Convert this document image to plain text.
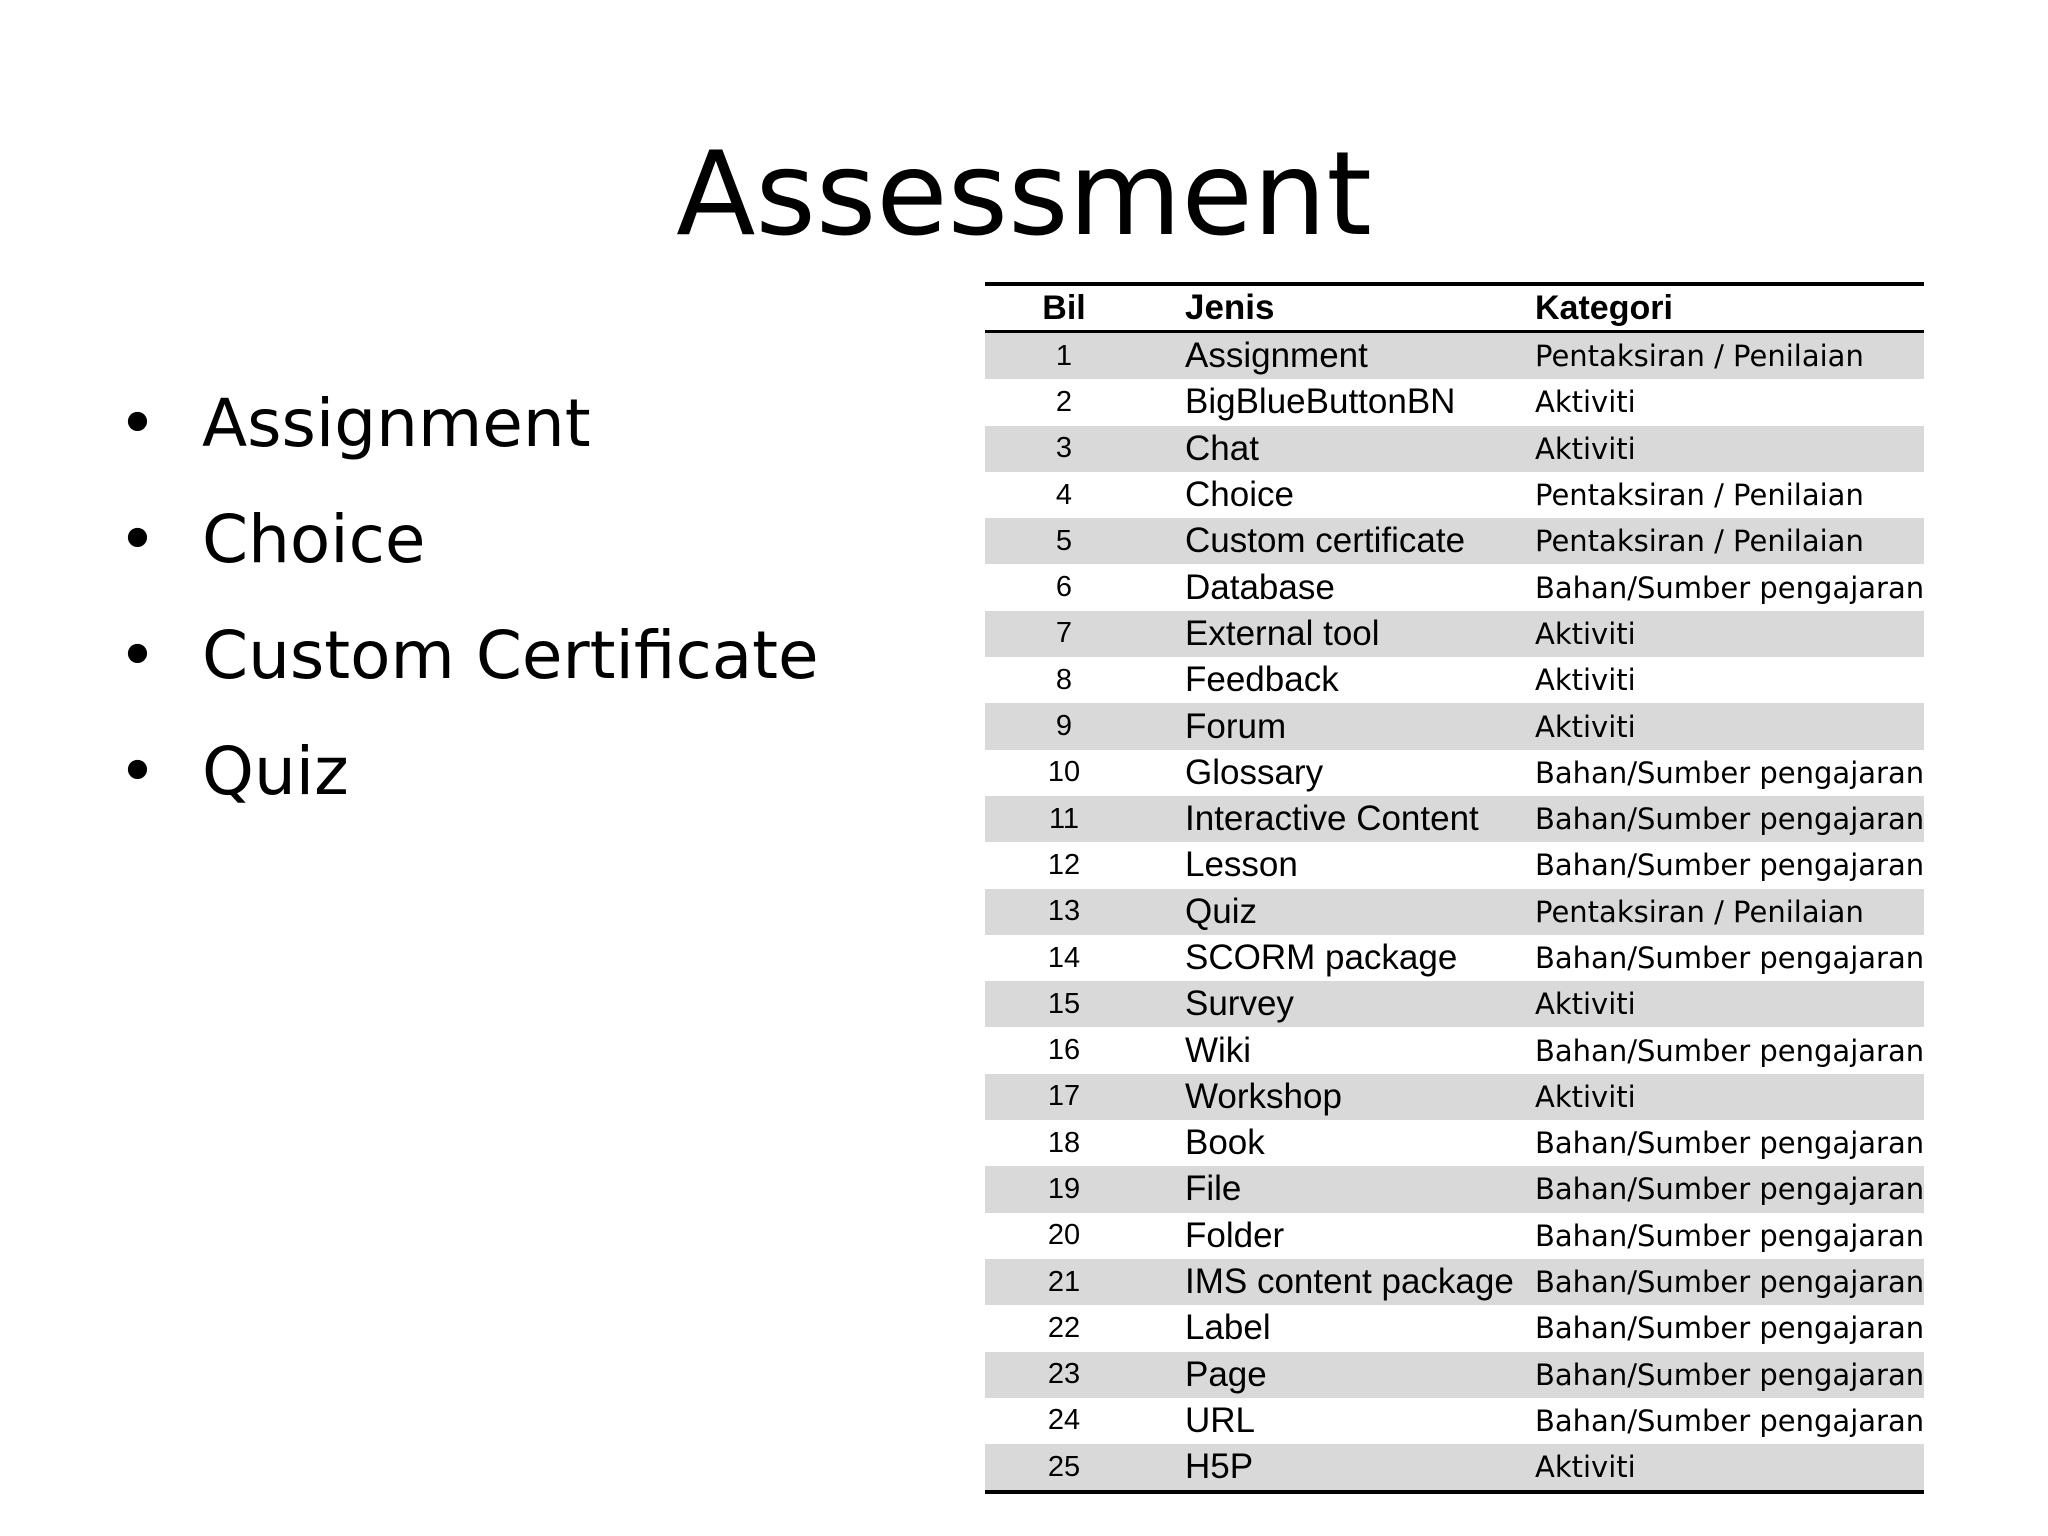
Assessment
• Assignment
• Choice
• Custom Certificate
• Quiz
Bil	Jenis	Kategori
1	Assignment	Pentaksiran / Penilaian
2	BigBlueButtonBN	Aktiviti
3	Chat	Aktiviti
4	Choice	Pentaksiran / Penilaian
5	Custom certificate	Pentaksiran / Penilaian
6	Database	Bahan/Sumber pengajaran
7	External tool	Aktiviti
8	Feedback	Aktiviti
9	Forum	Aktiviti
10	Glossary	Bahan/Sumber pengajaran
11	Interactive Content	Bahan/Sumber pengajaran
12	Lesson	Bahan/Sumber pengajaran
13	Quiz	Pentaksiran / Penilaian
14	SCORM package	Bahan/Sumber pengajaran
15	Survey	Aktiviti
16	Wiki	Bahan/Sumber pengajaran
17	Workshop	Aktiviti
18	Book	Bahan/Sumber pengajaran
19	File	Bahan/Sumber pengajaran
20	Folder	Bahan/Sumber pengajaran
21	IMS content package	Bahan/Sumber pengajaran
22	Label	Bahan/Sumber pengajaran
23	Page	Bahan/Sumber pengajaran
24	URL	Bahan/Sumber pengajaran
25	H5P	Aktiviti
